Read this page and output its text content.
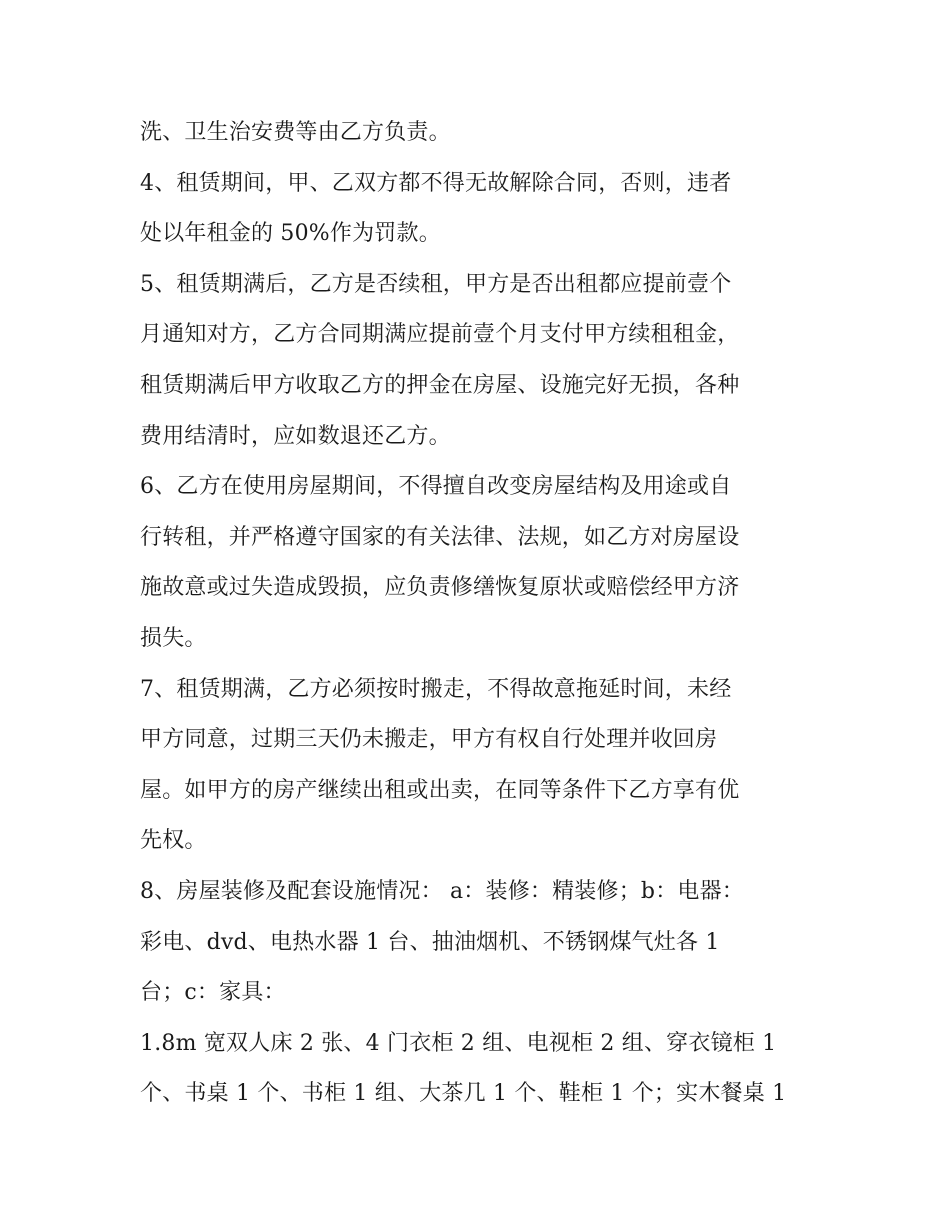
洗、卫生治安费等由乙方负责。
4、租赁期间，甲、乙双方都不得无故解除合同，否则，违者
处以年租金的 50%作为罚款。
5、租赁期满后，乙方是否续租，甲方是否出租都应提前壹个
月通知对方，乙方合同期满应提前壹个月支付甲方续租租金，
租赁期满后甲方收取乙方的押金在房屋、设施完好无损，各种
费用结清时，应如数退还乙方。
6、乙方在使用房屋期间，不得擅自改变房屋结构及用途或自
行转租，并严格遵守国家的有关法律、法规，如乙方对房屋设
施故意或过失造成毁损，应负责修缮恢复原状或赔偿经甲方济
损失。
7、租赁期满，乙方必须按时搬走，不得故意拖延时间，未经
甲方同意，过期三天仍未搬走，甲方有权自行处理并收回房
屋。如甲方的房产继续出租或出卖，在同等条件下乙方享有优
先权。
8、房屋装修及配套设施情况： a：装修：精装修；b：电器：
彩电、dvd、电热水器 1 台、抽油烟机、不锈钢煤气灶各 1
台；c：家具：
1.8m 宽双人床 2 张、4 门衣柜 2 组、电视柜 2 组、穿衣镜柜 1
个、书桌 1 个、书柜 1 组、大茶几 1 个、鞋柜 1 个；实木餐桌 1
